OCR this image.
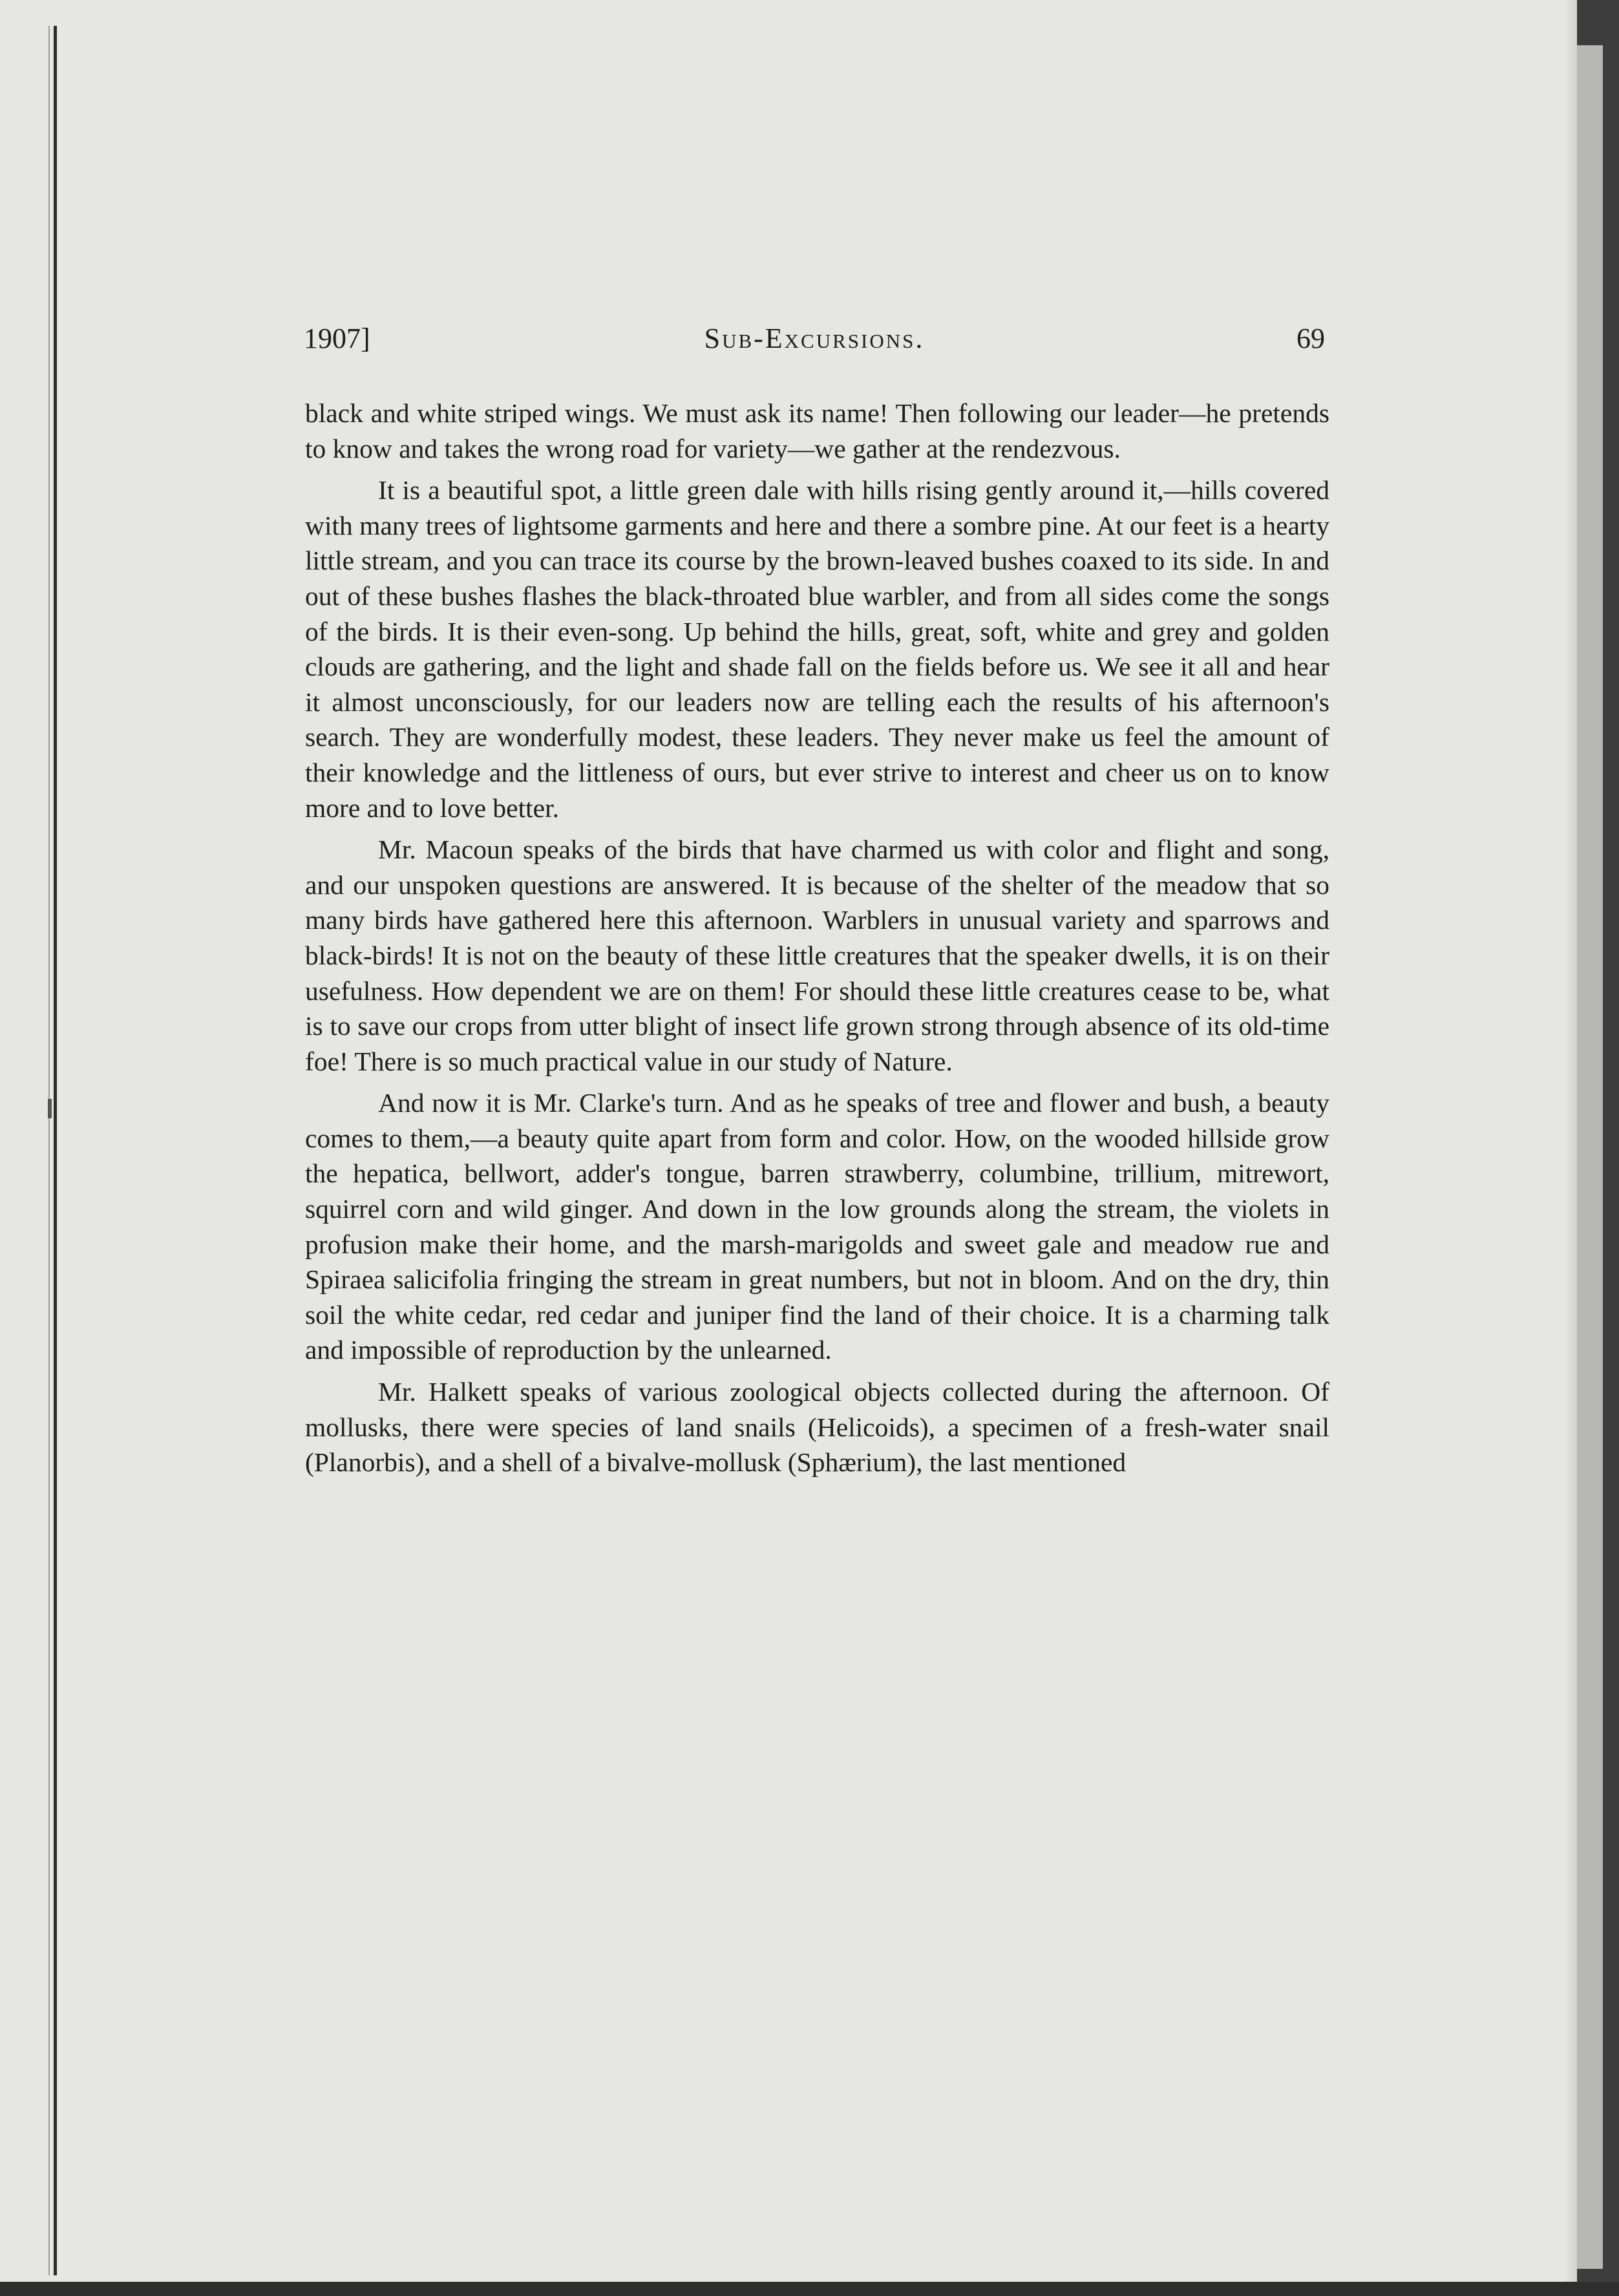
1907]	Sub-Excursions.	69

black and white striped wings. We must ask its name! Then following our leader—he pretends to know and takes the wrong road for variety—we gather at the rendezvous.

It is a beautiful spot, a little green dale with hills rising gently around it,—hills covered with many trees of lightsome garments and here and there a sombre pine. At our feet is a hearty little stream, and you can trace its course by the brown-leaved bushes coaxed to its side. In and out of these bushes flashes the black-throated blue warbler, and from all sides come the songs of the birds. It is their even-song. Up behind the hills, great, soft, white and grey and golden clouds are gathering, and the light and shade fall on the fields before us. We see it all and hear it almost unconsciously, for our leaders now are telling each the results of his afternoon's search. They are wonderfully modest, these leaders. They never make us feel the amount of their knowledge and the littleness of ours, but ever strive to interest and cheer us on to know more and to love better.

Mr. Macoun speaks of the birds that have charmed us with color and flight and song, and our unspoken questions are answered. It is because of the shelter of the meadow that so many birds have gathered here this afternoon. Warblers in unusual variety and sparrows and black-birds! It is not on the beauty of these little creatures that the speaker dwells, it is on their usefulness. How dependent we are on them! For should these little creatures cease to be, what is to save our crops from utter blight of insect life grown strong through absence of its old-time foe! There is so much practical value in our study of Nature.

And now it is Mr. Clarke's turn. And as he speaks of tree and flower and bush, a beauty comes to them,—a beauty quite apart from form and color. How, on the wooded hillside grow the hepatica, bellwort, adder's tongue, barren strawberry, columbine, trillium, mitrewort, squirrel corn and wild ginger. And down in the low grounds along the stream, the violets in profusion make their home, and the marsh-marigolds and sweet gale and meadow rue and Spiraea salicifolia fringing the stream in great numbers, but not in bloom. And on the dry, thin soil the white cedar, red cedar and juniper find the land of their choice. It is a charming talk and impossible of reproduction by the unlearned.

Mr. Halkett speaks of various zoological objects collected during the afternoon. Of mollusks, there were species of land snails (Helicoids), a specimen of a fresh-water snail (Planorbis), and a shell of a bivalve-mollusk (Sphærium), the last mentioned
